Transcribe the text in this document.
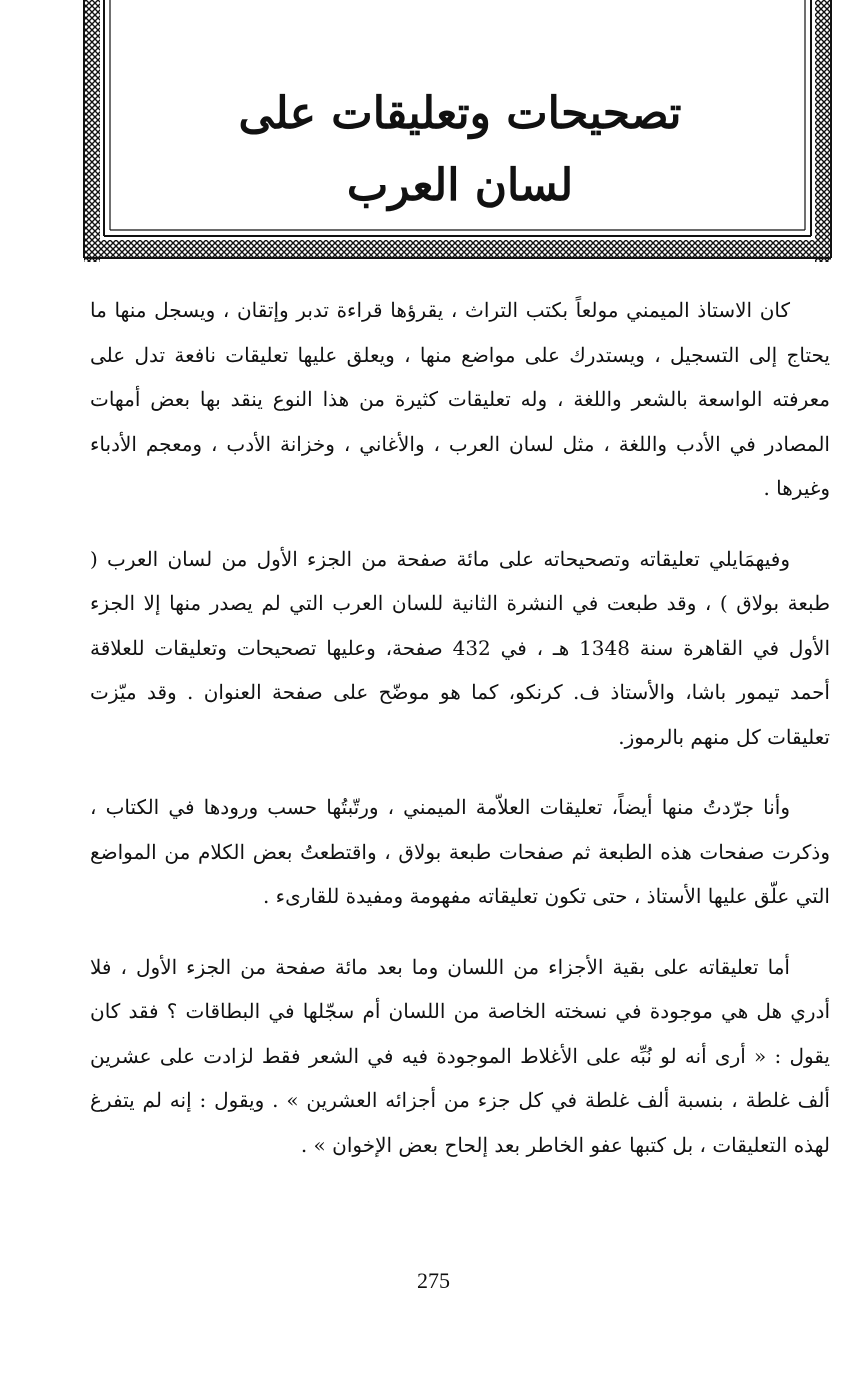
تصحيحات وتعليقات على
لسان العرب

كان الاستاذ الميمني مولعاً بكتب التراث ، يقرؤها قراءة تدبر وإتقان ، ويسجل منها ما يحتاج إلى التسجيل ، ويستدرك على مواضع منها ، ويعلق عليها تعليقات نافعة تدل على معرفته الواسعة بالشعر واللغة ، وله تعليقات كثيرة من هذا النوع ينقد بها بعض أمهات المصادر في الأدب واللغة ، مثل لسان العرب ، والأغاني ، وخزانة الأدب ، ومعجم الأدباء وغيرها .

وفيهمَايلي تعليقاته وتصحيحاته على مائة صفحة من الجزء الأول من لسان العرب ( طبعة بولاق ) ، وقد طبعت في النشرة الثانية للسان العرب التي لم يصدر منها إلا الجزء الأول في القاهرة سنة 1348 هـ ، في 432 صفحة، وعليها تصحيحات وتعليقات للعلاقة أحمد تيمور باشا، والأستاذ ف. كرنكو، كما هو موضّح على صفحة العنوان . وقد ميّزت تعليقات كل منهم بالرموز.

وأنا جرّدتُ منها أيضاً، تعليقات العلاّمة الميمني ، ورتّبتُها حسب ورودها في الكتاب ، وذكرت صفحات هذه الطبعة ثم صفحات طبعة بولاق ، واقتطعتُ بعض الكلام من المواضع التي علّق عليها الأستاذ ، حتى تكون تعليقاته مفهومة ومفيدة للقارىء .

أما تعليقاته على بقية الأجزاء من اللسان وما بعد مائة صفحة من الجزء الأول ، فلا أدري هل هي موجودة في نسخته الخاصة من اللسان أم سجّلها في البطاقات ؟ فقد كان يقول : « أرى أنه لو نُبِّه على الأغلاط الموجودة فيه في الشعر فقط لزادت على عشرين ألف غلطة ، بنسبة ألف غلطة في كل جزء من أجزائه العشرين » . ويقول : إنه لم يتفرغ لهذه التعليقات ، بل كتبها عفو الخاطر بعد إلحاح بعض الإخوان » .

275
